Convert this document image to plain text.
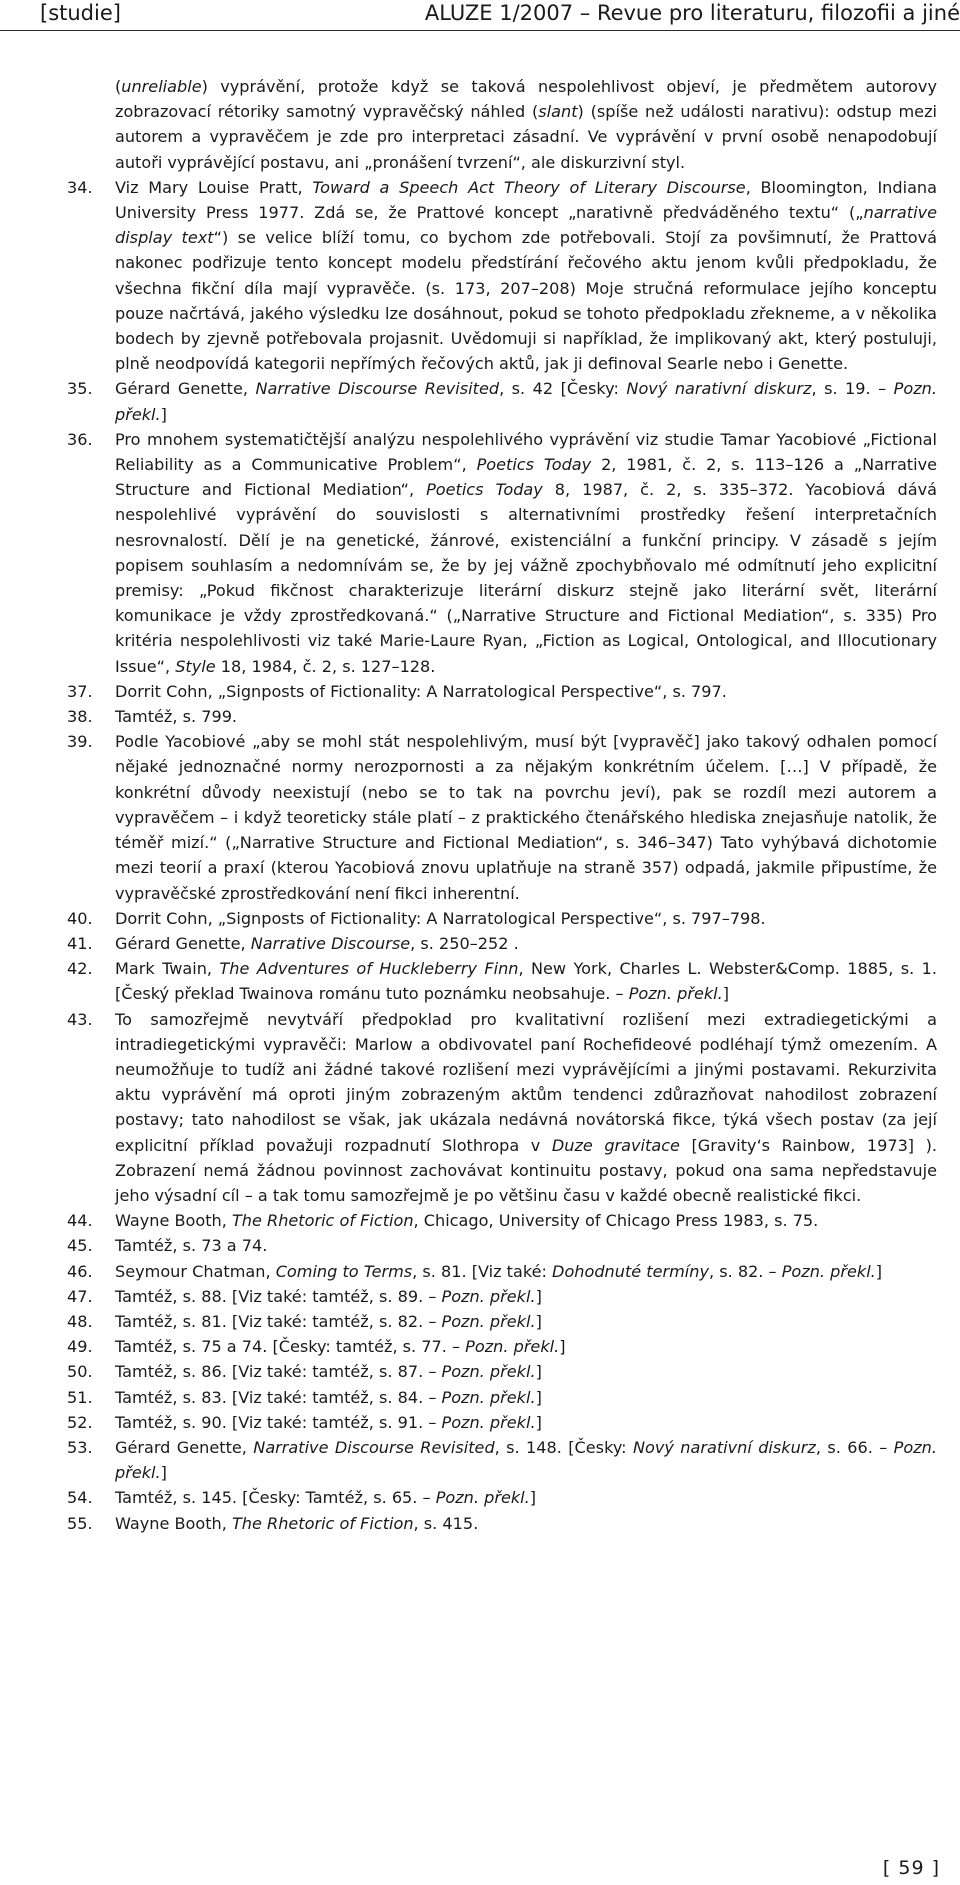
[studie]	ALUZE 1/2007 – Revue pro literaturu, filozofii a jiné

(unreliable) vyprávění, protože když se taková nespolehlivost objeví, je předmětem autorovy zobrazovací rétoriky samotný vypravěčský náhled (slant) (spíše než události narativu): odstup mezi autorem a vypravěčem je zde pro interpretaci zásadní. Ve vyprávění v první osobě nenapodobují autoři vyprávějící postavu, ani „pronášení tvrzení“, ale diskurzivní styl.

34.	Viz Mary Louise Pratt, Toward a Speech Act Theory of Literary Discourse, Bloomington, Indiana University Press 1977. Zdá se, že Prattové koncept „narativně předváděného textu“ („narrative display text“) se velice blíží tomu, co bychom zde potřebovali. Stojí za povšimnutí, že Prattová nakonec podřizuje tento koncept modelu předstírání řečového aktu jenom kvůli předpokladu, že všechna fikční díla mají vypravěče. (s. 173, 207–208) Moje stručná reformulace jejího konceptu pouze načrtává, jakého výsledku lze dosáhnout, pokud se tohoto předpokladu zřekneme, a v několika bodech by zjevně potřebovala projasnit. Uvědomuji si například, že implikovaný akt, který postuluji, plně neodpovídá kategorii nepřímých řečových aktů, jak ji definoval Searle nebo i Genette.

35.	Gérard Genette, Narrative Discourse Revisited, s. 42 [Česky: Nový narativní diskurz, s. 19. – Pozn. překl.]

36.	Pro mnohem systematičtější analýzu nespolehlivého vyprávění viz studie Tamar Yacobiové „Fictional Reliability as a Communicative Problem“, Poetics Today 2, 1981, č. 2, s. 113–126 a „Narrative Structure and Fictional Mediation“, Poetics Today 8, 1987, č. 2, s. 335–372. Yacobiová dává nespolehlivé vyprávění do souvislosti s alternativními prostředky řešení interpretačních nesrovnalostí. Dělí je na genetické, žánrové, existenciální a funkční principy. V zásadě s jejím popisem souhlasím a nedomnívám se, že by jej vážně zpochybňovalo mé odmítnutí jeho explicitní premisy: „Pokud fikčnost charakterizuje literární diskurz stejně jako literární svět, literární komunikace je vždy zprostředkovaná.“ („Narrative Structure and Fictional Mediation“, s. 335) Pro kritéria nespolehlivosti viz také Marie-Laure Ryan, „Fiction as Logical, Ontological, and Illocutionary Issue“, Style 18, 1984, č. 2, s. 127–128.

37.	Dorrit Cohn, „Signposts of Fictionality: A Narratological Perspective“, s. 797.

38.	Tamtéž, s. 799.

39.	Podle Yacobiové „aby se mohl stát nespolehlivým, musí být [vypravěč] jako takový odhalen pomocí nějaké jednoznačné normy nerozpornosti a za nějakým konkrétním účelem. […] V případě, že konkrétní důvody neexistují (nebo se to tak na povrchu jeví), pak se rozdíl mezi autorem a vypravěčem – i když teoreticky stále platí – z praktického čtenářského hlediska znejasňuje natolik, že téměř mizí.“ („Narrative Structure and Fictional Mediation“, s. 346–347) Tato vyhýbavá dichotomie mezi teorií a praxí (kterou Yacobiová znovu uplatňuje na straně 357) odpadá, jakmile připustíme, že vypravěčské zprostředkování není fikci inherentní.

40.	Dorrit Cohn, „Signposts of Fictionality: A Narratological Perspective“, s. 797–798.

41.	Gérard Genette, Narrative Discourse, s. 250–252 .

42.	Mark Twain, The Adventures of Huckleberry Finn, New York, Charles L. Webster&Comp. 1885, s. 1. [Český překlad Twainova románu tuto poznámku neobsahuje. – Pozn. překl.]

43.	To samozřejmě nevytváří předpoklad pro kvalitativní rozlišení mezi extradiegetickými a intradiegetickými vypravěči: Marlow a obdivovatel paní Rochefideové podléhají týmž omezením. A neumožňuje to tudíž ani žádné takové rozlišení mezi vyprávějícími a jinými postavami. Rekurzivita aktu vyprávění má oproti jiným zobrazeným aktům tendenci zdůrazňovat nahodilost zobrazení postavy; tato nahodilost se však, jak ukázala nedávná novátorská fikce, týká všech postav (za její explicitní příklad považuji rozpadnutí Slothropa v Duze gravitace [Gravity‘s Rainbow, 1973] ). Zobrazení nemá žádnou povinnost zachovávat kontinuitu postavy, pokud ona sama nepředstavuje jeho výsadní cíl – a tak tomu samozřejmě je po většinu času v každé obecně realistické fikci.

44.	Wayne Booth, The Rhetoric of Fiction, Chicago, University of Chicago Press 1983, s. 75.

45.	Tamtéž, s. 73 a 74.

46.	Seymour Chatman, Coming to Terms, s. 81. [Viz také: Dohodnuté termíny, s. 82. – Pozn. překl.]

47.	Tamtéž, s. 88. [Viz také: tamtéž, s. 89. – Pozn. překl.]

48.	Tamtéž, s. 81. [Viz také: tamtéž, s. 82. – Pozn. překl.]

49.	Tamtéž, s. 75 a 74. [Česky: tamtéž, s. 77. – Pozn. překl.]

50.	Tamtéž, s. 86. [Viz také: tamtéž, s. 87. – Pozn. překl.]

51.	Tamtéž, s. 83. [Viz také: tamtéž, s. 84. – Pozn. překl.]

52.	Tamtéž, s. 90. [Viz také: tamtéž, s. 91. – Pozn. překl.]

53.	Gérard Genette, Narrative Discourse Revisited, s. 148. [Česky: Nový narativní diskurz, s. 66. – Pozn. překl.]

54.	Tamtéž, s. 145. [Česky: Tamtéž, s. 65. – Pozn. překl.]

55.	Wayne Booth, The Rhetoric of Fiction, s. 415.

[ 59 ]
